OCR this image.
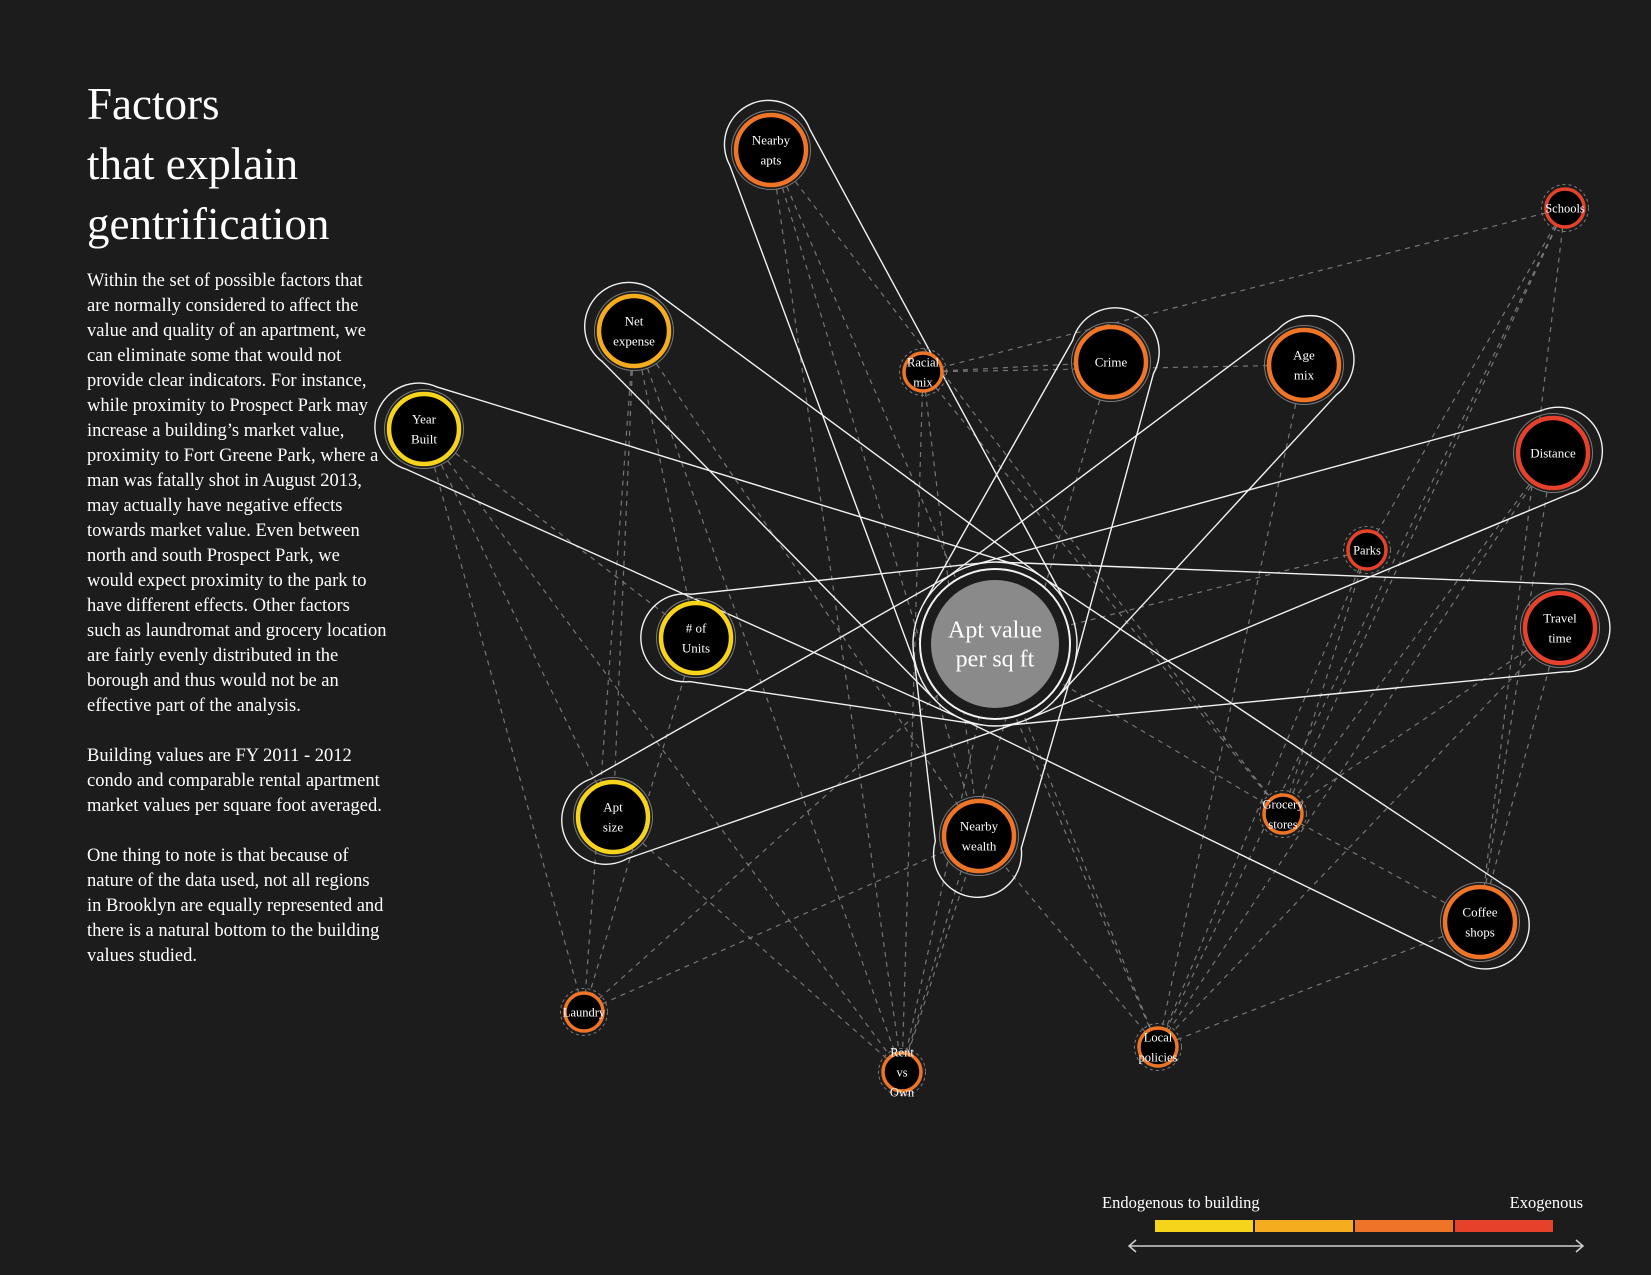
Factors
that explain
gentrification

Within the set of possible factors that are normally considered to affect the value and quality of an apartment, we can eliminate some that would not provide clear indicators. For instance, while proximity to Prospect Park may increase a building’s market value, proximity to Fort Greene Park, where a man was fatally shot in August 2013, may actually have negative effects towards market value. Even between north and south Prospect Park, we would expect proximity to the park to have different effects. Other factors such as laundromat and grocery location are fairly evenly distributed in the borough and thus would not be an effective part of the analysis.

Building values are FY 2011 - 2012 condo and comparable rental apartment market values per square foot averaged.

One thing to note is that because of nature of the data used, not all regions in Brooklyn are equally represented and there is a natural bottom to the building values studied.

Apt value
per sq ft
Nearby
apts
Net
expense
Year
Built
Racial
mix
Crime	Age
mix
Schools
Distance
Parks
Travel
time
# of
Units
Apt
size	Nearby
wealth
Grocery
stores
Coffee
shops
Laundry
Rent
vs
Own
Local
policies
Endogenous to building	Exogenous
